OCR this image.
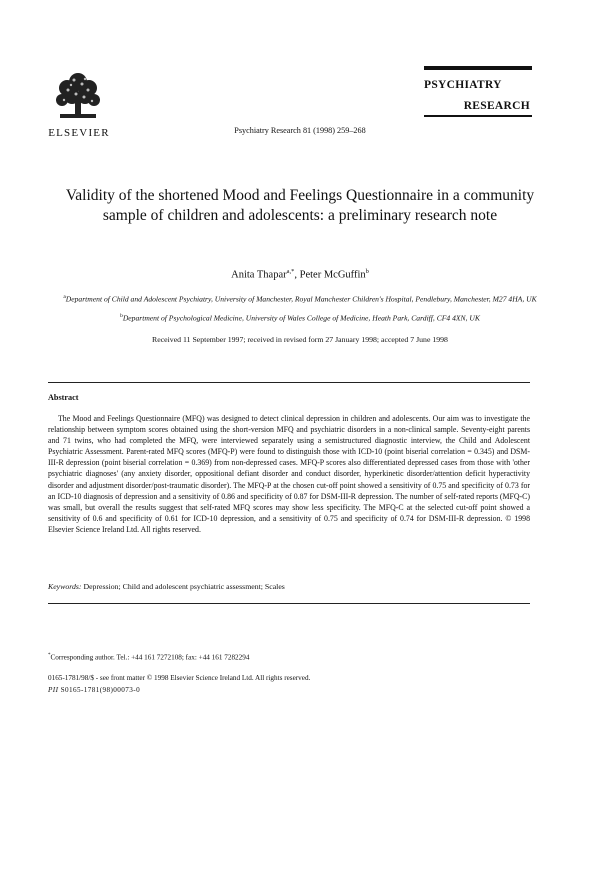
ELSEVIER	Psychiatry Research 81 (1998) 259–268
PSYCHIATRY
RESEARCH
Validity of the shortened Mood and Feelings Questionnaire in a community sample of children and adolescents: a preliminary research note
Anita Thapar$^{a,*}$, Peter McGuffin$^b$
$^a$Department of Child and Adolescent Psychiatry, University of Manchester, Royal Manchester Children's Hospital, Pendlebury, Manchester, M27 4HA, UK
$^b$Department of Psychological Medicine, University of Wales College of Medicine, Heath Park, Cardiff, CF4 4XN, UK
Received 11 September 1997; received in revised form 27 January 1998; accepted 7 June 1998
Abstract
The Mood and Feelings Questionnaire (MFQ) was designed to detect clinical depression in children and adolescents. Our aim was to investigate the relationship between symptom scores obtained using the short-version MFQ and psychiatric disorders in a non-clinical sample. Seventy-eight parents and 71 twins, who had completed the MFQ, were interviewed separately using a semistructured diagnostic interview, the Child and Adolescent Psychiatric Assessment. Parent-rated MFQ scores (MFQ-P) were found to distinguish those with ICD-10 (point biserial correlation = 0.345) and DSM-III-R depression (point biserial correlation = 0.369) from non-depressed cases. MFQ-P scores also differentiated depressed cases from those with 'other psychiatric diagnoses' (any anxiety disorder, oppositional defiant disorder and conduct disorder, hyperkinetic disorder/attention deficit hyperactivity disorder and adjustment disorder/post-traumatic disorder). The MFQ-P at the chosen cut-off point showed a sensitivity of 0.75 and specificity of 0.73 for an ICD-10 diagnosis of depression and a sensitivity of 0.86 and specificity of 0.87 for DSM-III-R depression. The number of self-rated reports (MFQ-C) was small, but overall the results suggest that self-rated MFQ scores may show less specificity. The MFQ-C at the selected cut-off point showed a sensitivity of 0.6 and specificity of 0.61 for ICD-10 depression, and a sensitivity of 0.75 and specificity of 0.74 for DSM-III-R depression. © 1998 Elsevier Science Ireland Ltd. All rights reserved.
Keywords: Depression; Child and adolescent psychiatric assessment; Scales
*Corresponding author. Tel.: +44 161 7272108; fax: +44 161 7282294
0165-1781/98/$ - see front matter © 1998 Elsevier Science Ireland Ltd. All rights reserved.
PII S0165-1781(98)00073-0
